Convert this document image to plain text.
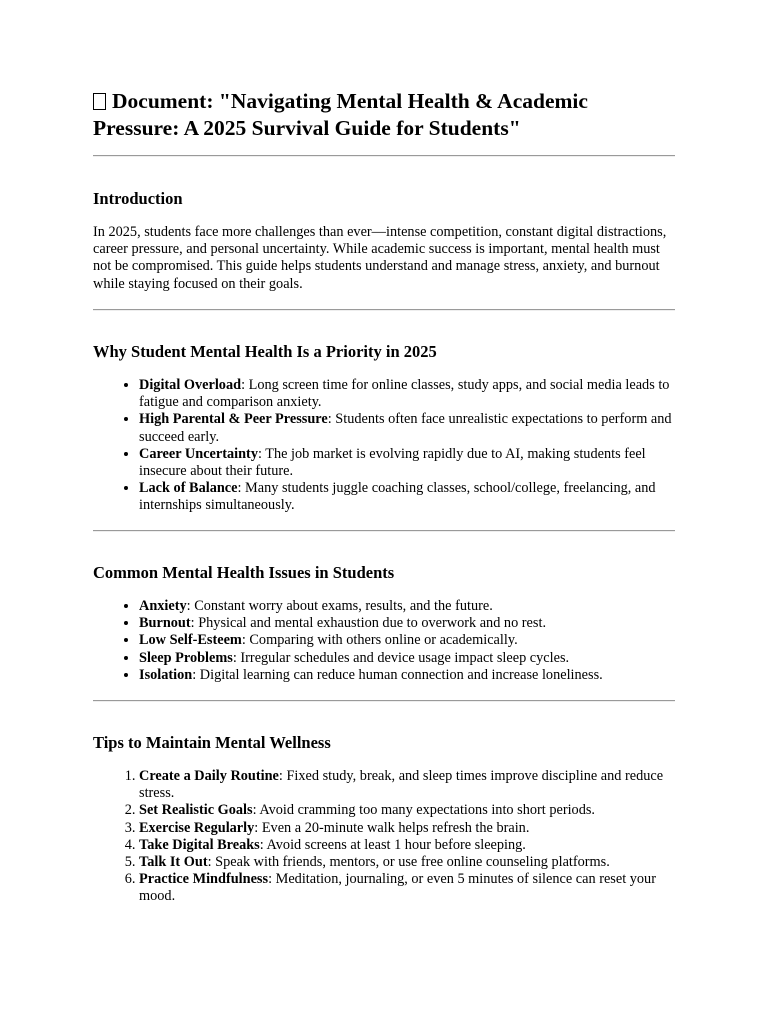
Document: "Navigating Mental Health & Academic Pressure: A 2025 Survival Guide for Students"
Introduction

In 2025, students face more challenges than ever—intense competition, constant digital distractions, career pressure, and personal uncertainty. While academic success is important, mental health must not be compromised. This guide helps students understand and manage stress, anxiety, and burnout while staying focused on their goals.

Why Student Mental Health Is a Priority in 2025
• Digital Overload: Long screen time for online classes, study apps, and social media leads to fatigue and comparison anxiety.
• High Parental & Peer Pressure: Students often face unrealistic expectations to perform and succeed early.
• Career Uncertainty: The job market is evolving rapidly due to AI, making students feel insecure about their future.
• Lack of Balance: Many students juggle coaching classes, school/college, freelancing, and internships simultaneously.
Common Mental Health Issues in Students
• Anxiety: Constant worry about exams, results, and the future.
• Burnout: Physical and mental exhaustion due to overwork and no rest.
• Low Self-Esteem: Comparing with others online or academically.
• Sleep Problems: Irregular schedules and device usage impact sleep cycles.
• Isolation: Digital learning can reduce human connection and increase loneliness.
Tips to Maintain Mental Wellness
1. Create a Daily Routine: Fixed study, break, and sleep times improve discipline and reduce stress.
2. Set Realistic Goals: Avoid cramming too many expectations into short periods.
3. Exercise Regularly: Even a 20-minute walk helps refresh the brain.
4. Take Digital Breaks: Avoid screens at least 1 hour before sleeping.
5. Talk It Out: Speak with friends, mentors, or use free online counseling platforms.
6. Practice Mindfulness: Meditation, journaling, or even 5 minutes of silence can reset your mood.
